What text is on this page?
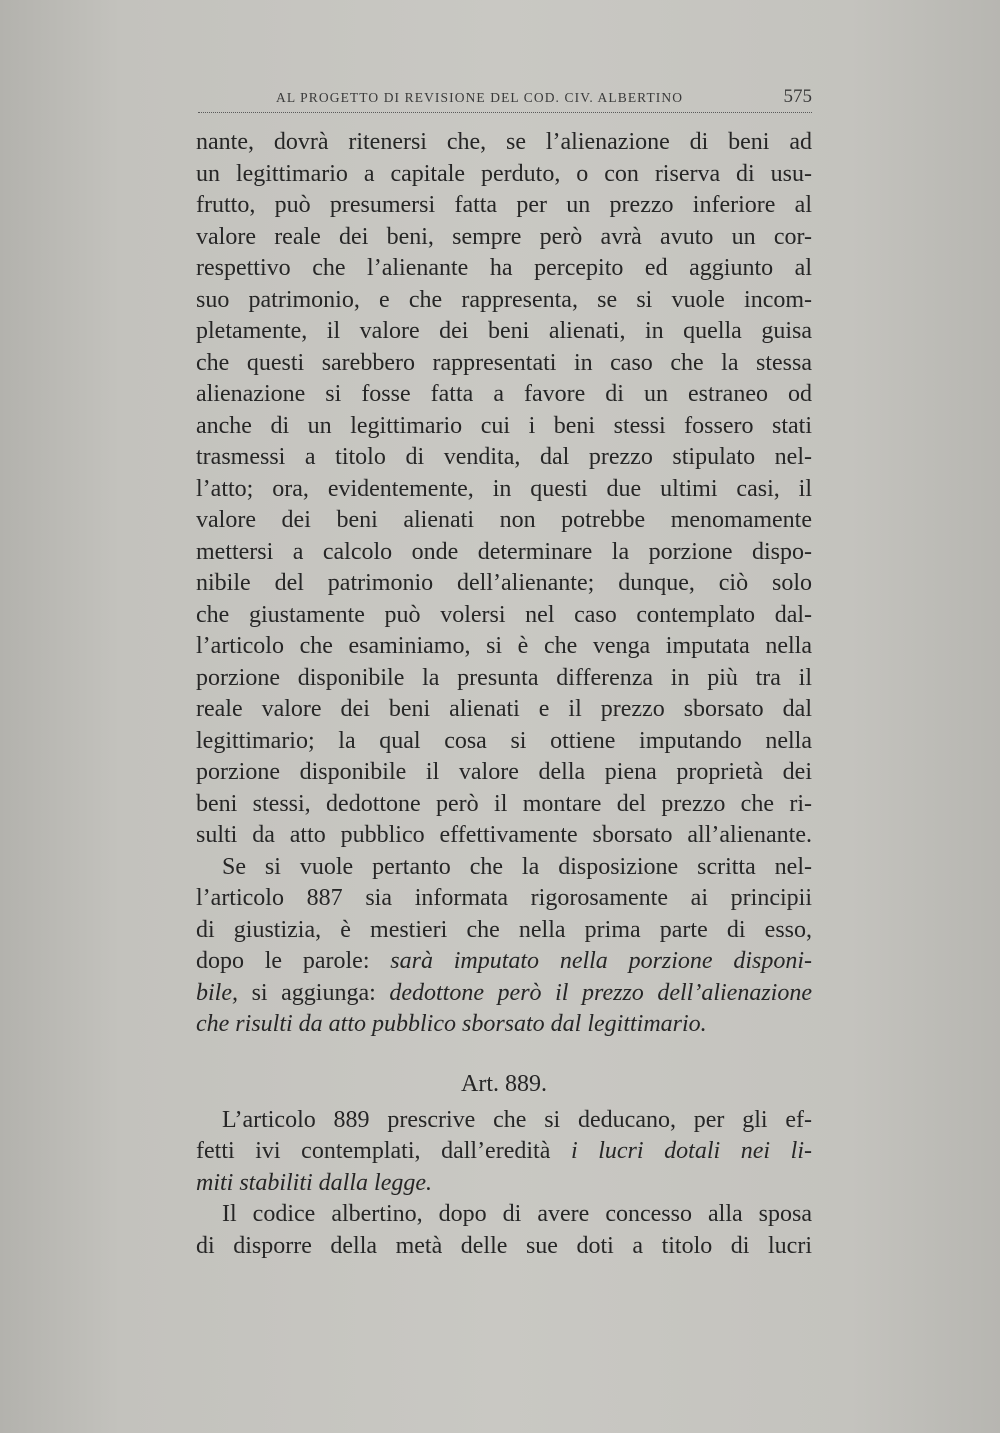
AL PROGETTO DI REVISIONE DEL COD. CIV. ALBERTINO	575
nante, dovrà ritenersi che, se l’alienazione di beni ad
un legittimario a capitale perduto, o con riserva di usu-
frutto, può presumersi fatta per un prezzo inferiore al
valore reale dei beni, sempre però avrà avuto un cor-
respettivo che l’alienante ha percepito ed aggiunto al
suo patrimonio, e che rappresenta, se si vuole incom-
pletamente, il valore dei beni alienati, in quella guisa
che questi sarebbero rappresentati in caso che la stessa
alienazione si fosse fatta a favore di un estraneo od
anche di un legittimario cui i beni stessi fossero stati
trasmessi a titolo di vendita, dal prezzo stipulato nel-
l’atto; ora, evidentemente, in questi due ultimi casi, il
valore dei beni alienati non potrebbe menomamente
mettersi a calcolo onde determinare la porzione dispo-
nibile del patrimonio dell’alienante; dunque, ciò solo
che giustamente può volersi nel caso contemplato dal-
l’articolo che esaminiamo, si è che venga imputata nella
porzione disponibile la presunta differenza in più tra il
reale valore dei beni alienati e il prezzo sborsato dal
legittimario; la qual cosa si ottiene imputando nella
porzione disponibile il valore della piena proprietà dei
beni stessi, dedottone però il montare del prezzo che ri-
sulti da atto pubblico effettivamente sborsato all’alienante.
Se si vuole pertanto che la disposizione scritta nel-
l’articolo 887 sia informata rigorosamente ai principii
di giustizia, è mestieri che nella prima parte di esso,
dopo le parole: sarà imputato nella porzione disponi-
bile, si aggiunga: dedottone però il prezzo dell’alienazione
che risulti da atto pubblico sborsato dal legittimario.
Art. 889.
L’articolo 889 prescrive che si deducano, per gli ef-
fetti ivi contemplati, dall’eredità i lucri dotali nei li-
miti stabiliti dalla legge.
Il codice albertino, dopo di avere concesso alla sposa
di disporre della metà delle sue doti a titolo di lucri
